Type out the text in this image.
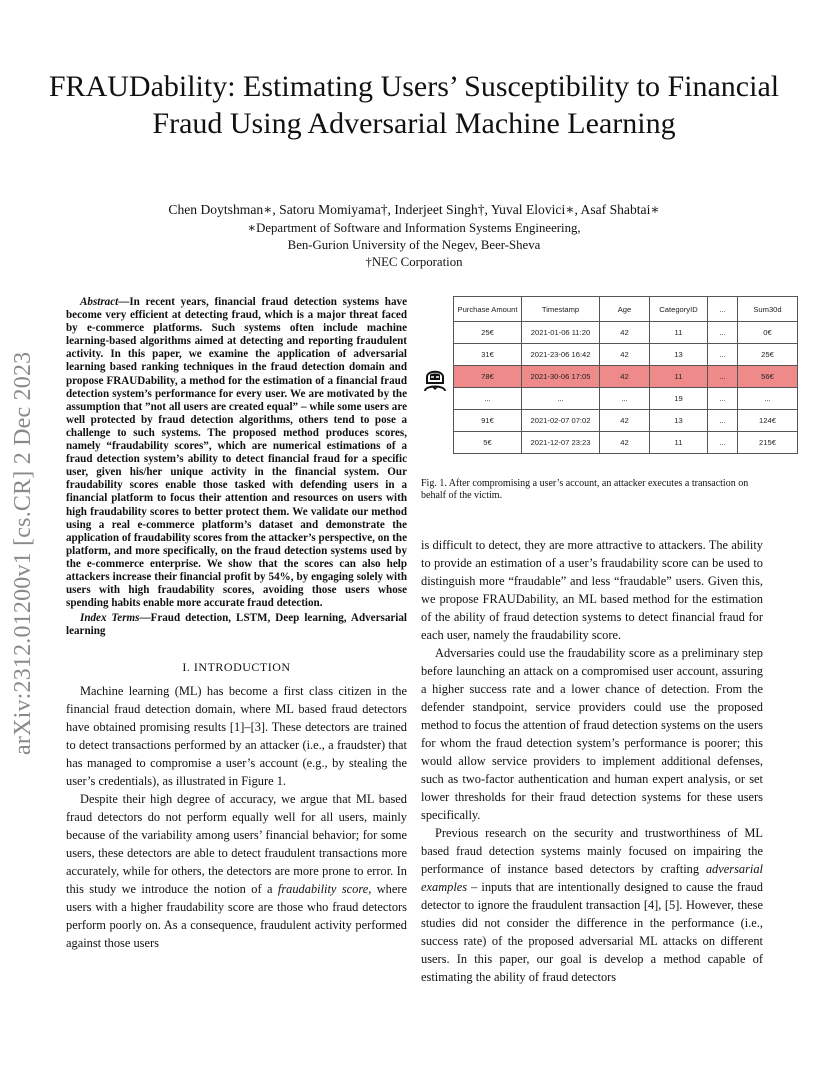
FRAUDability: Estimating Users’ Susceptibility to Financial Fraud Using Adversarial Machine Learning
Chen Doytshman∗, Satoru Momiyama†, Inderjeet Singh†, Yuval Elovici∗, Asaf Shabtai∗
∗Department of Software and Information Systems Engineering,
Ben-Gurion University of the Negev, Beer-Sheva
†NEC Corporation
arXiv:2312.01200v1 [cs.CR] 2 Dec 2023
Abstract—In recent years, financial fraud detection systems have become very efficient at detecting fraud, which is a major threat faced by e-commerce platforms. Such systems often include machine learning-based algorithms aimed at detecting and reporting fraudulent activity. In this paper, we examine the application of adversarial learning based ranking techniques in the fraud detection domain and propose FRAUDability, a method for the estimation of a financial fraud detection system’s performance for every user. We are motivated by the assumption that ”not all users are created equal” – while some users are well protected by fraud detection algorithms, others tend to pose a challenge to such systems. The proposed method produces scores, namely “fraudability scores”, which are numerical estimations of a fraud detection system’s ability to detect financial fraud for a specific user, given his/her unique activity in the financial system. Our fraudability scores enable those tasked with defending users in a financial platform to focus their attention and resources on users with high fraudability scores to better protect them. We validate our method using a real e-commerce platform’s dataset and demonstrate the application of fraudability scores from the attacker’s perspective, on the platform, and more specifically, on the fraud detection systems used by the e-commerce enterprise. We show that the scores can also help attackers increase their financial profit by 54%, by engaging solely with users with high fraudability scores, avoiding those users whose spending habits enable more accurate fraud detection.
Index Terms—Fraud detection, LSTM, Deep learning, Adversarial learning
I. INTRODUCTION

Machine learning (ML) has become a first class citizen in the financial fraud detection domain, where ML based fraud detectors have obtained promising results [1]–[3]. These detectors are trained to detect transactions performed by an attacker (i.e., a fraudster) that has managed to compromise a user’s account (e.g., by stealing the user’s credentials), as illustrated in Figure 1.

Despite their high degree of accuracy, we argue that ML based fraud detectors do not perform equally well for all users, mainly because of the variability among users’ financial behavior; for some users, these detectors are able to detect fraudulent transactions more accurately, while for others, the detectors are more prone to error. In this study we introduce the notion of a fraudability score, where users with a higher fraudability score are those who fraud detectors perform poorly on. As a consequence, fraudulent activity performed against those users

Purchase Amount	Timestamp	Age	CategoryID	...	Sum30d
25€	2021-01-06 11:20	42	11	...	0€
31€	2021-23-06 16:42	42	13	...	25€
78€	2021-30-06 17:05	42	11	...	56€
...	...	...	19	...	...
91€	2021-02-07 07:02	42	13	...	124€
5€	2021-12-07 23:23	42	11	...	215€
Fig. 1. After compromising a user’s account, an attacker executes a transaction on behalf of the victim.

is difficult to detect, they are more attractive to attackers. The ability to provide an estimation of a user’s fraudability score can be used to distinguish more “fraudable” and less “fraudable” users. Given this, we propose FRAUDability, an ML based method for the estimation of the ability of fraud detection systems to detect financial fraud for each user, namely the fraudability score.

Adversaries could use the fraudability score as a preliminary step before launching an attack on a compromised user account, assuring a higher success rate and a lower chance of detection. From the defender standpoint, service providers could use the proposed method to focus the attention of fraud detection systems on the users for whom the fraud detection system’s performance is poorer; this would allow service providers to implement additional defenses, such as two-factor authentication and human expert analysis, or set lower thresholds for their fraud detection systems for these users specifically.

Previous research on the security and trustworthiness of ML based fraud detection systems mainly focused on impairing the performance of instance based detectors by crafting adversarial examples – inputs that are intentionally designed to cause the fraud detector to ignore the fraudulent transaction [4], [5]. However, these studies did not consider the difference in the performance (i.e., success rate) of the proposed adversarial ML attacks on different users. In this paper, our goal is develop a method capable of estimating the ability of fraud detectors
